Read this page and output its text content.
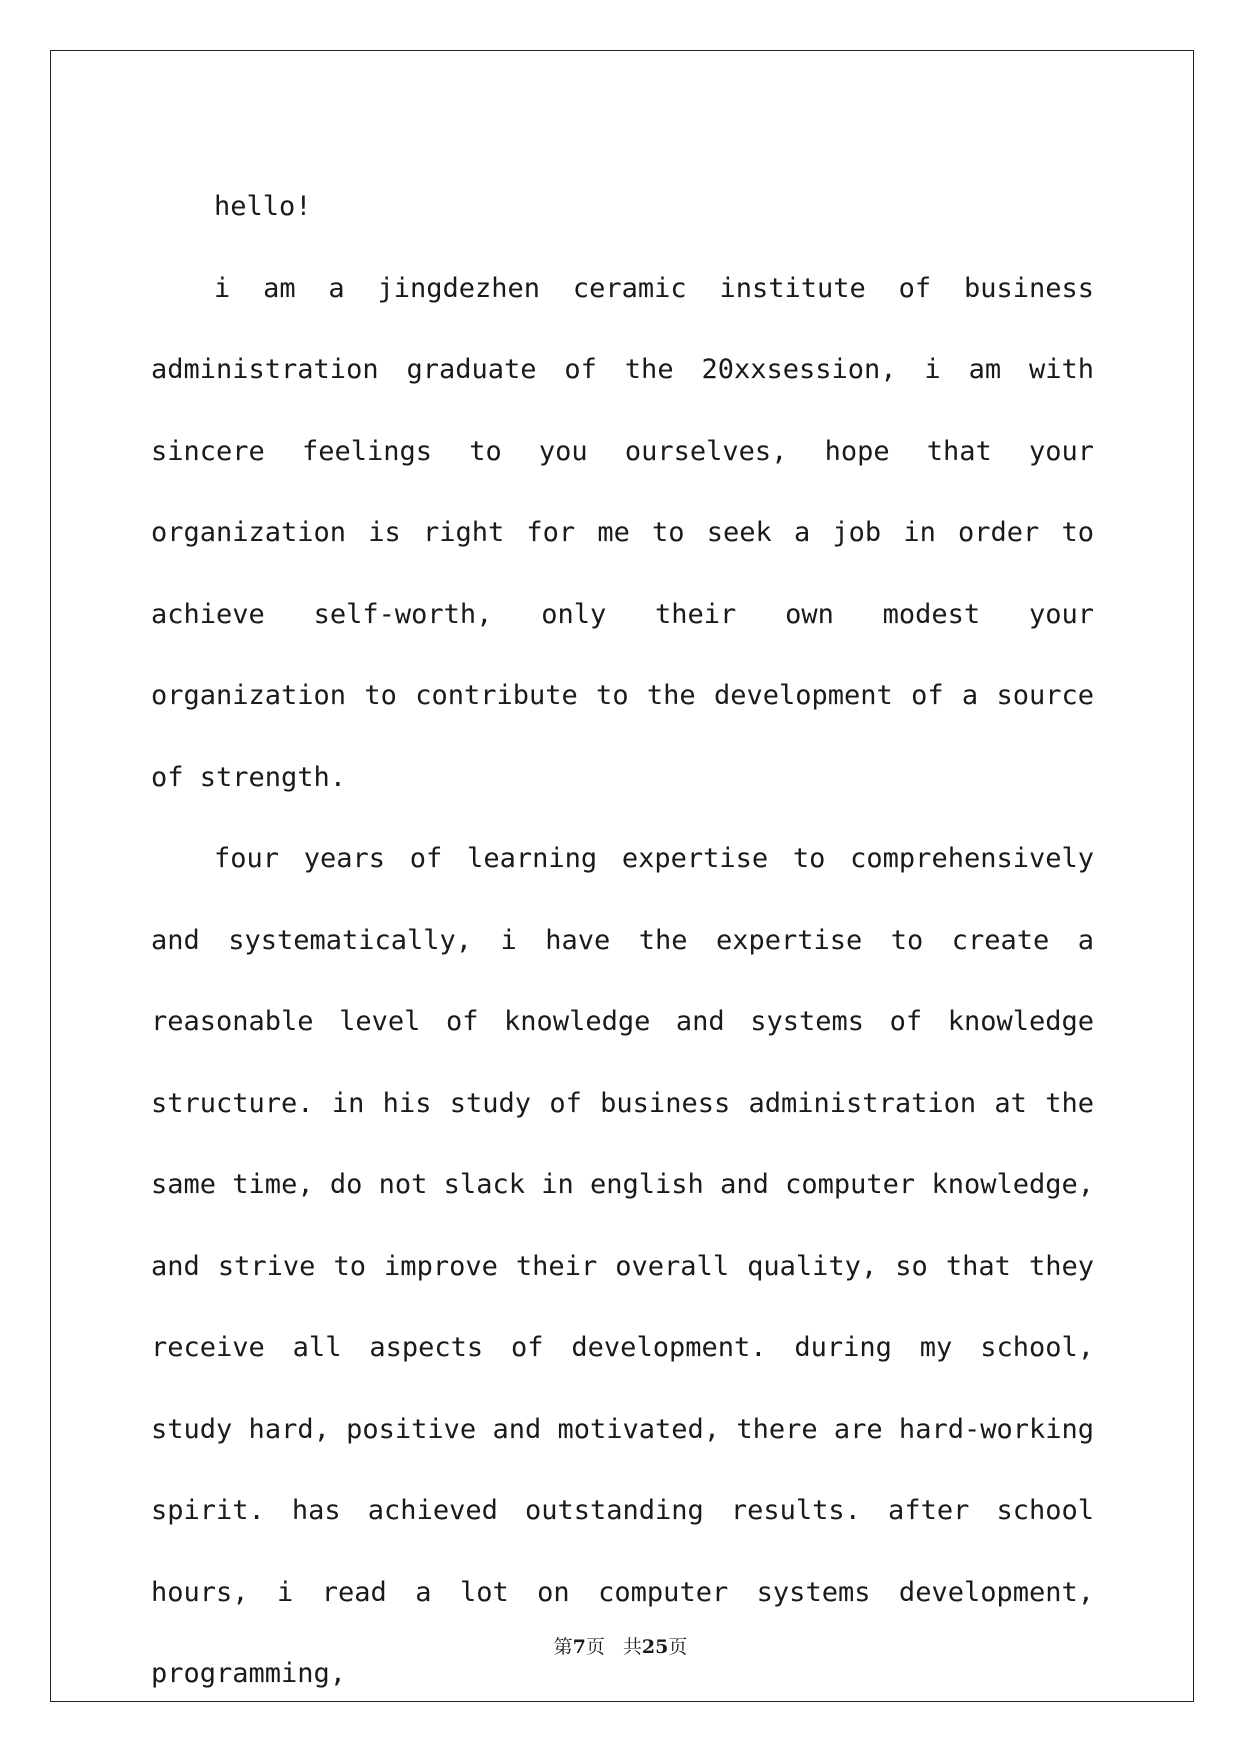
hello!

i am a jingdezhen ceramic institute of business administration graduate of the 20xxsession, i am with sincere feelings to you ourselves, hope that your organization is right for me to seek a job in order to achieve self-worth, only their own modest your organization to contribute to the development of a source of strength.

four years of learning expertise to comprehensively and systematically, i have the expertise to create a reasonable level of knowledge and systems of knowledge structure. in his study of business administration at the same time, do not slack in english and computer knowledge, and strive to improve their overall quality, so that they receive all aspects of development. during my school, study hard, positive and motivated, there are hard-working spirit. has achieved outstanding results. after school hours, i read a lot on computer systems development, programming,

第7页 共25页
